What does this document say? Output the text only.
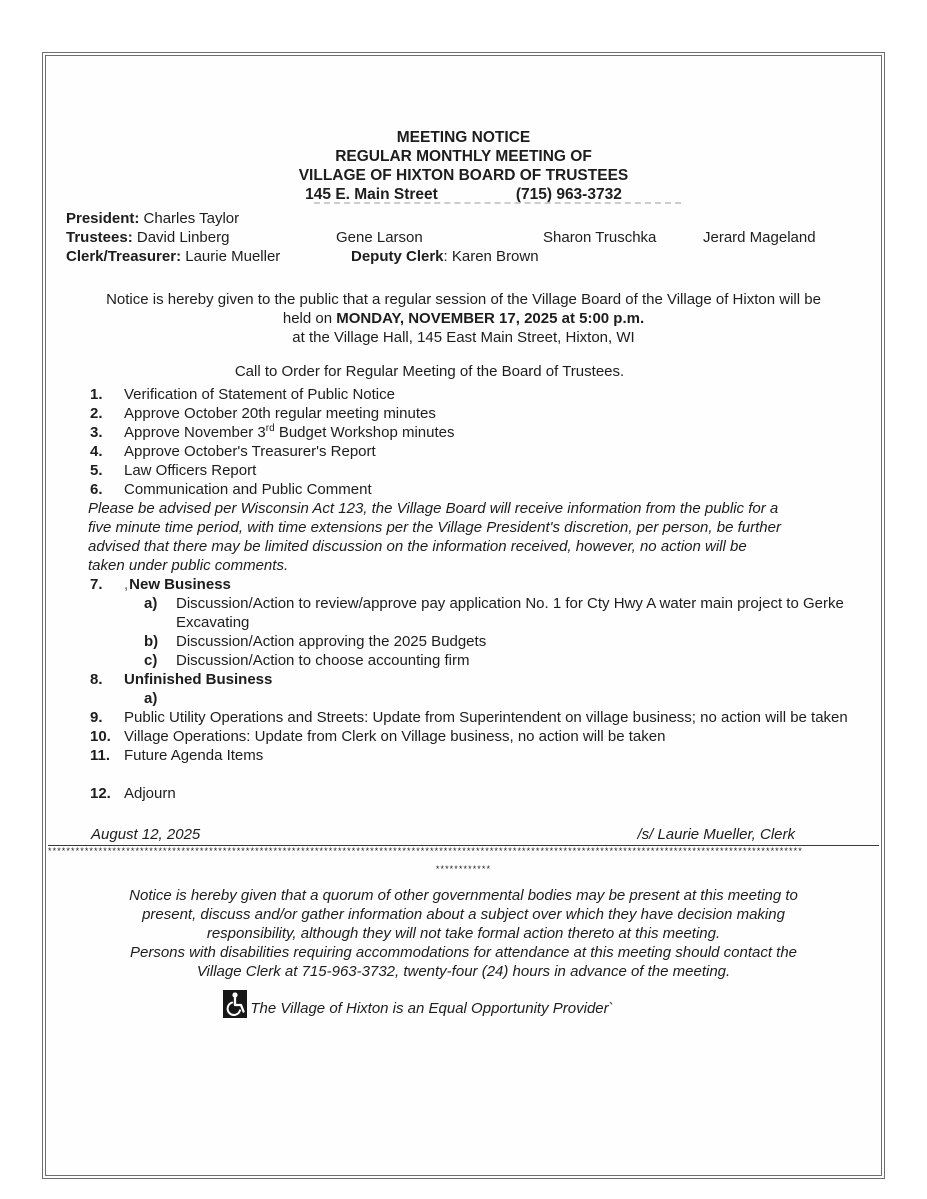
MEETING NOTICE
REGULAR MONTHLY MEETING OF
VILLAGE OF HIXTON BOARD OF TRUSTEES
145 E. Main Street	(715) 963-3732
President: Charles Taylor
Trustees: David Linberg	Gene Larson	Sharon Truschka	Jerard Mageland
Clerk/Treasurer: Laurie Mueller	Deputy Clerk: Karen Brown
Notice is hereby given to the public that a regular session of the Village Board of the Village of Hixton will be
held on MONDAY, NOVEMBER 17, 2025 at 5:00 p.m.
at the Village Hall, 145 East Main Street, Hixton, WI
Call to Order for Regular Meeting of the Board of Trustees.
1.	Verification of Statement of Public Notice
2.	Approve October 20th regular meeting minutes
3.	Approve November 3rd Budget Workshop minutes
4.	Approve October's Treasurer's Report
5.	Law Officers Report
6.	Communication and Public Comment
Please be advised per Wisconsin Act 123, the Village Board will receive information from the public for a
five minute time period, with time extensions per the Village President's discretion, per person, be further
advised that there may be limited discussion on the information received, however, no action will be
taken under public comments.
7.	,New Business
a)	Discussion/Action to review/approve pay application No. 1 for Cty Hwy A water main project to Gerke Excavating
b)	Discussion/Action approving the 2025 Budgets
c)	Discussion/Action to choose accounting firm
8.	Unfinished Business
a)
9.	Public Utility Operations and Streets: Update from Superintendent on village business; no action will be taken
10. Village Operations: Update from Clerk on Village business, no action will be taken
11. Future Agenda Items
12. Adjourn
August 12, 2025	/s/ Laurie Mueller, Clerk
********************************************************************************************************************************************************************
************
Notice is hereby given that a quorum of other governmental bodies may be present at this meeting to
present, discuss and/or gather information about a subject over which they have decision making
responsibility, although they will not take formal action thereto at this meeting.
Persons with disabilities requiring accommodations for attendance at this meeting should contact the
Village Clerk at 715-963-3732, twenty-four (24) hours in advance of the meeting.
The Village of Hixton is an Equal Opportunity Provider`
